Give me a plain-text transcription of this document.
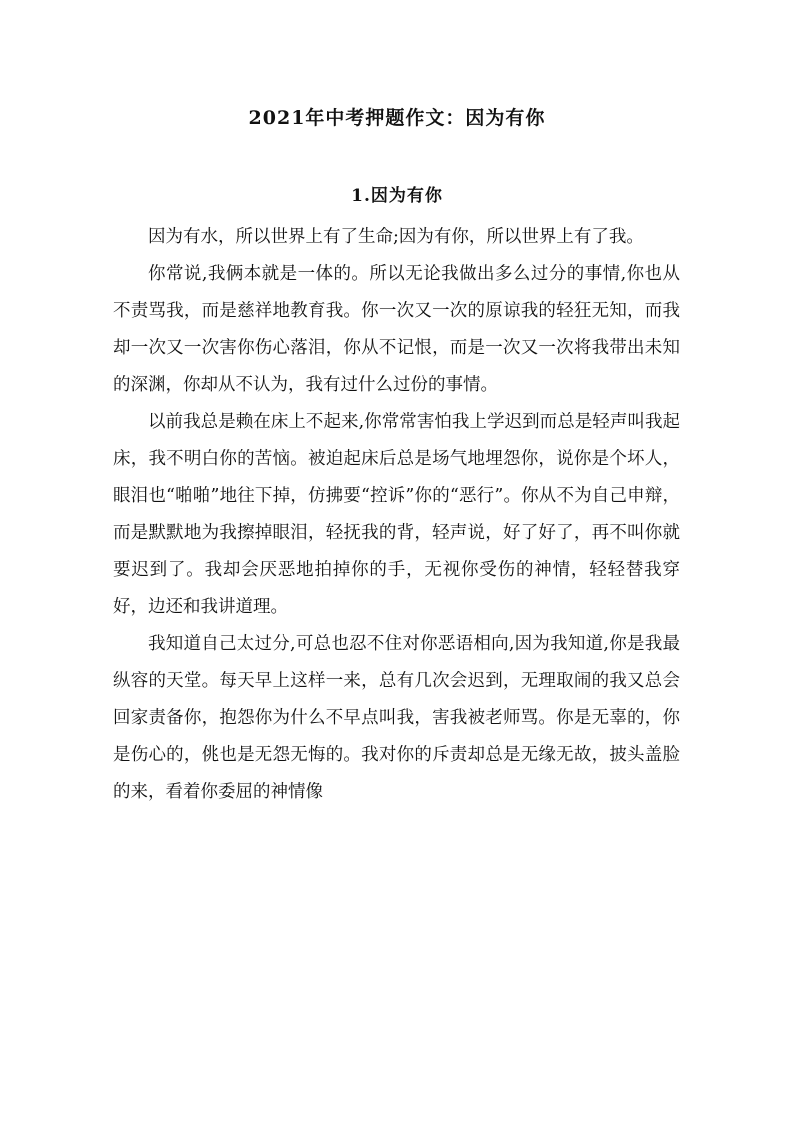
2021年中考押题作文：因为有你
1.因为有你

因为有水，所以世界上有了生命;因为有你，所以世界上有了我。

你常说,我俩本就是一体的。所以无论我做出多么过分的事情,你也从不责骂我，而是慈祥地教育我。你一次又一次的原谅我的轻狂无知，而我却一次又一次害你伤心落泪，你从不记恨，而是一次又一次将我带出未知的深渊，你却从不认为，我有过什么过份的事情。

以前我总是赖在床上不起来,你常常害怕我上学迟到而总是轻声叫我起床，我不明白你的苦恼。被迫起床后总是场气地埋怨你，说你是个坏人，眼泪也“啪啪”地往下掉，仿拂要“控诉”你的“恶行”。你从不为自己申辩，而是默默地为我擦掉眼泪，轻抚我的背，轻声说，好了好了，再不叫你就要迟到了。我却会厌恶地拍掉你的手，无视你受伤的神情，轻轻替我穿好，边还和我讲道理。

我知道自己太过分,可总也忍不住对你恶语相向,因为我知道,你是我最纵容的天堂。每天早上这样一来，总有几次会迟到，无理取闹的我又总会回家责备你，抱怨你为什么不早点叫我，害我被老师骂。你是无辜的，你是伤心的，佻也是无怨无悔的。我对你的斥责却总是无缘无故，披头盖脸的来，看着你委屈的神情像
